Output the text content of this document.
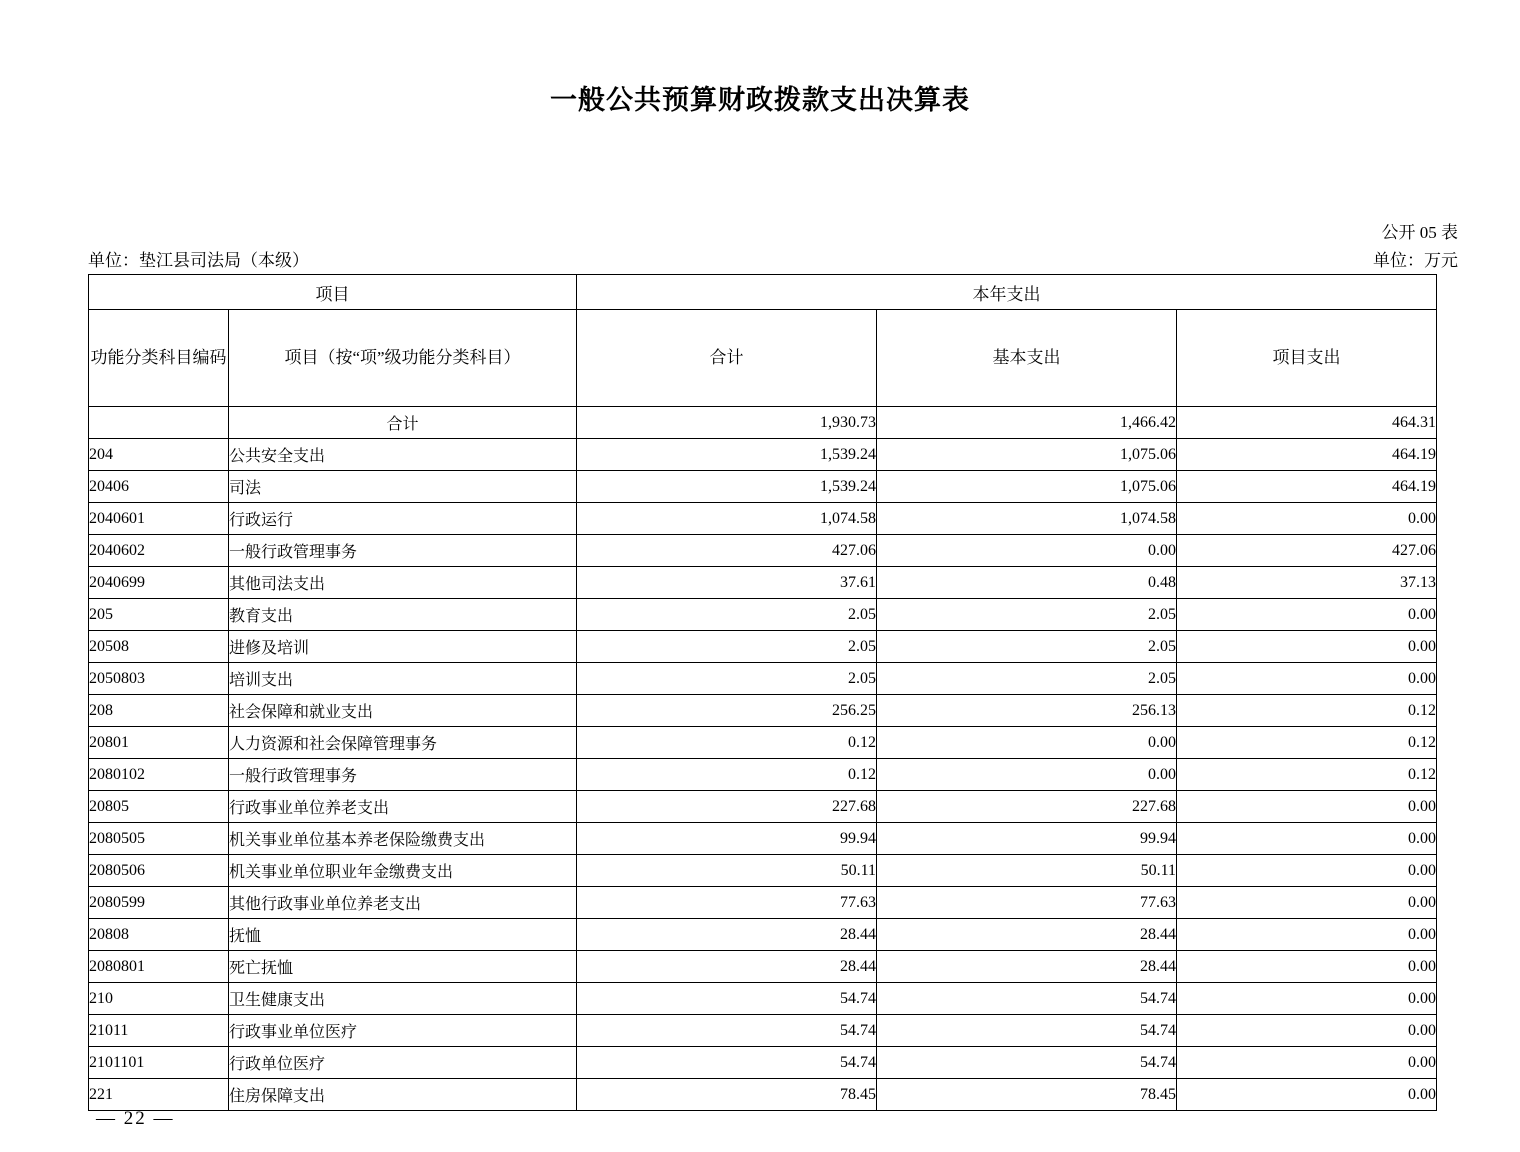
一般公共预算财政拨款支出决算表
公开 05 表
单位：垫江县司法局（本级）	单位：万元
项目		本年支出		
功能分类科目编码	项目（按“项”级功能分类科目）	合计	基本支出	项目支出
	合计	1,930.73	1,466.42	464.31
204	公共安全支出	1,539.24	1,075.06	464.19
20406	司法	1,539.24	1,075.06	464.19
2040601	行政运行	1,074.58	1,074.58	0.00
2040602	一般行政管理事务	427.06	0.00	427.06
2040699	其他司法支出	37.61	0.48	37.13
205	教育支出	2.05	2.05	0.00
20508	进修及培训	2.05	2.05	0.00
2050803	培训支出	2.05	2.05	0.00
208	社会保障和就业支出	256.25	256.13	0.12
20801	人力资源和社会保障管理事务	0.12	0.00	0.12
2080102	一般行政管理事务	0.12	0.00	0.12
20805	行政事业单位养老支出	227.68	227.68	0.00
2080505	机关事业单位基本养老保险缴费支出	99.94	99.94	0.00
2080506	机关事业单位职业年金缴费支出	50.11	50.11	0.00
2080599	其他行政事业单位养老支出	77.63	77.63	0.00
20808	抚恤	28.44	28.44	0.00
2080801	死亡抚恤	28.44	28.44	0.00
210	卫生健康支出	54.74	54.74	0.00
21011	行政事业单位医疗	54.74	54.74	0.00
2101101	行政单位医疗	54.74	54.74	0.00
221	住房保障支出	78.45	78.45	0.00
— 22 —
